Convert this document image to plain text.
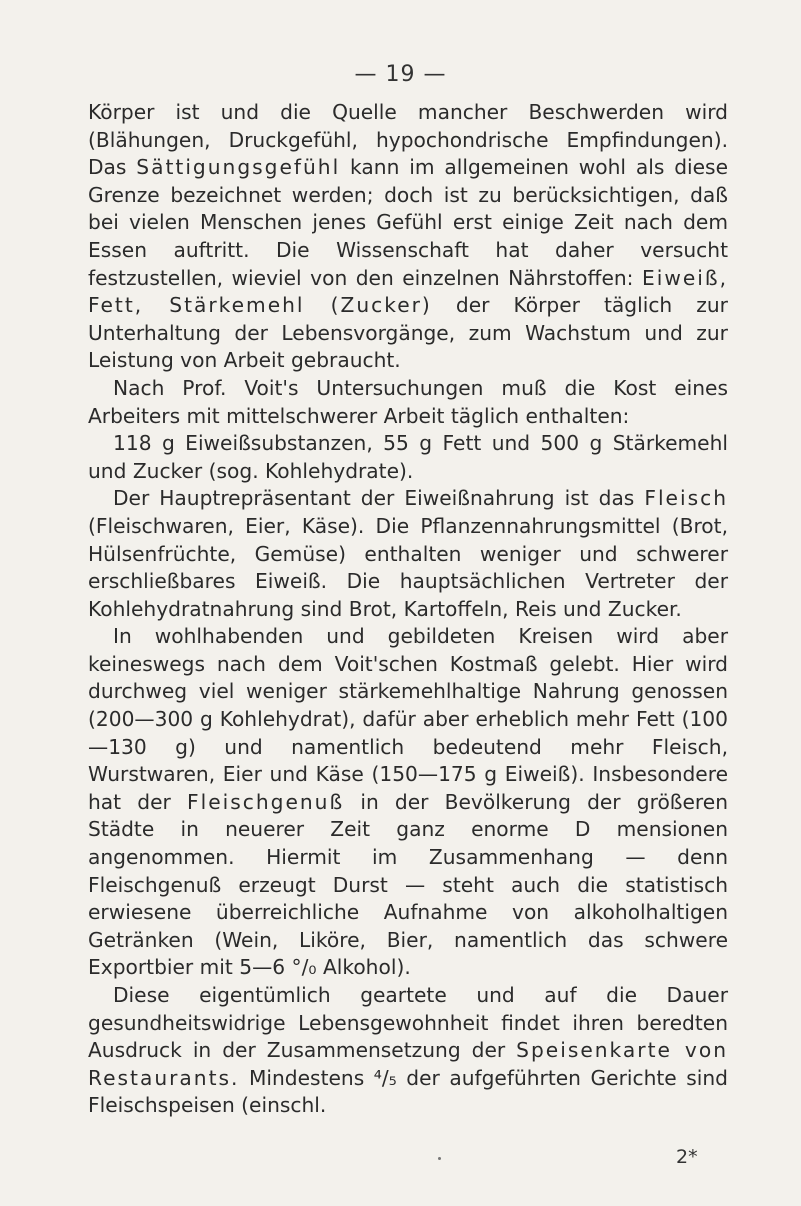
— 19 —

Körper ist und die Quelle mancher Beschwerden wird (Blähungen, Druckgefühl, hypochondrische Empfindungen). Das Sättigungsgefühl kann im allgemeinen wohl als diese Grenze bezeichnet werden; doch ist zu berücksichtigen, daß bei vielen Menschen jenes Gefühl erst einige Zeit nach dem Essen auftritt. Die Wissenschaft hat daher versucht festzustellen, wieviel von den einzelnen Nährstoffen: Eiweiß, Fett, Stärkemehl (Zucker) der Körper täglich zur Unterhaltung der Lebensvorgänge, zum Wachstum und zur Leistung von Arbeit gebraucht.

Nach Prof. Voit's Untersuchungen muß die Kost eines Arbeiters mit mittelschwerer Arbeit täglich enthalten:

118 g Eiweißsubstanzen, 55 g Fett und 500 g Stärkemehl und Zucker (sog. Kohlehydrate).

Der Hauptrepräsentant der Eiweißnahrung ist das Fleisch (Fleischwaren, Eier, Käse). Die Pflanzennahrungsmittel (Brot, Hülsenfrüchte, Gemüse) enthalten weniger und schwerer erschließbares Eiweiß. Die hauptsächlichen Vertreter der Kohlehydratnahrung sind Brot, Kartoffeln, Reis und Zucker.

In wohlhabenden und gebildeten Kreisen wird aber keineswegs nach dem Voit'schen Kostmaß gelebt. Hier wird durchweg viel weniger stärkemehlhaltige Nahrung genossen (200—300 g Kohlehydrat), dafür aber erheblich mehr Fett (100—130 g) und namentlich bedeutend mehr Fleisch, Wurstwaren, Eier und Käse (150—175 g Eiweiß). Insbesondere hat der Fleischgenuß in der Bevölkerung der größeren Städte in neuerer Zeit ganz enorme D mensionen angenommen. Hiermit im Zusammenhang — denn Fleischgenuß erzeugt Durst — steht auch die statistisch erwiesene überreichliche Aufnahme von alkoholhaltigen Getränken (Wein, Liköre, Bier, namentlich das schwere Exportbier mit 5—6 °/₀ Alkohol).

Diese eigentümlich geartete und auf die Dauer gesundheitswidrige Lebensgewohnheit findet ihren beredten Ausdruck in der Zusammensetzung der Speisenkarte von Restaurants. Mindestens ⁴/₅ der aufgeführten Gerichte sind Fleischspeisen (einschl.

2*
